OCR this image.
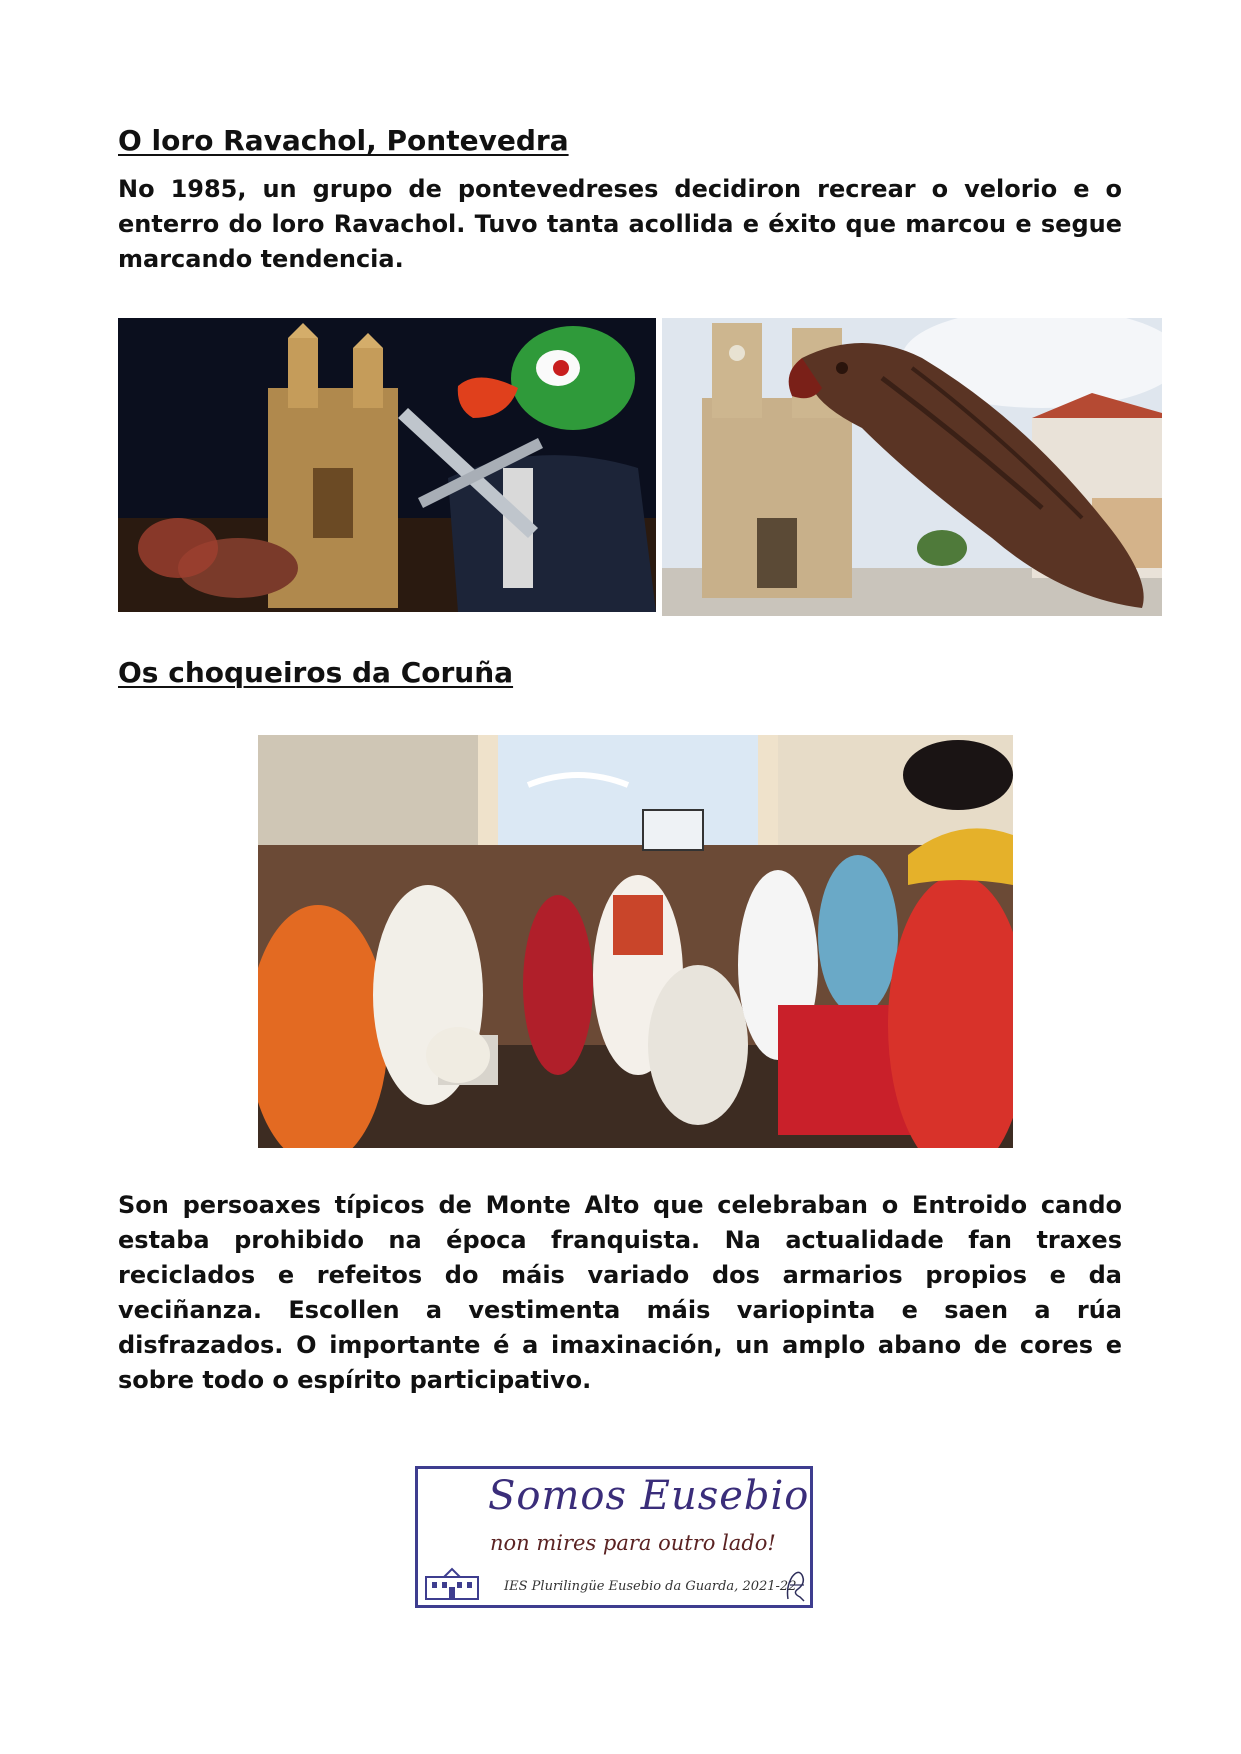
O loro Ravachol, Pontevedra

No 1985, un grupo de pontevedreses decidiron recrear o velorio e o enterro do loro Ravachol. Tuvo tanta acollida e éxito que marcou e segue marcando tendencia.

Os choqueiros da Coruña

Son persoaxes típicos de Monte Alto que celebraban o Entroido cando estaba prohibido na época franquista. Na actualidade fan traxes reciclados e refeitos do máis variado dos armarios propios e da veciñanza. Escollen a vestimenta máis variopinta e saen a rúa disfrazados. O importante é a imaxinación, un amplo abano de cores e sobre todo o espírito participativo.

Somos Eusebio
non mires para outro lado!
IES Plurilingüe Eusebio da Guarda, 2021-22
